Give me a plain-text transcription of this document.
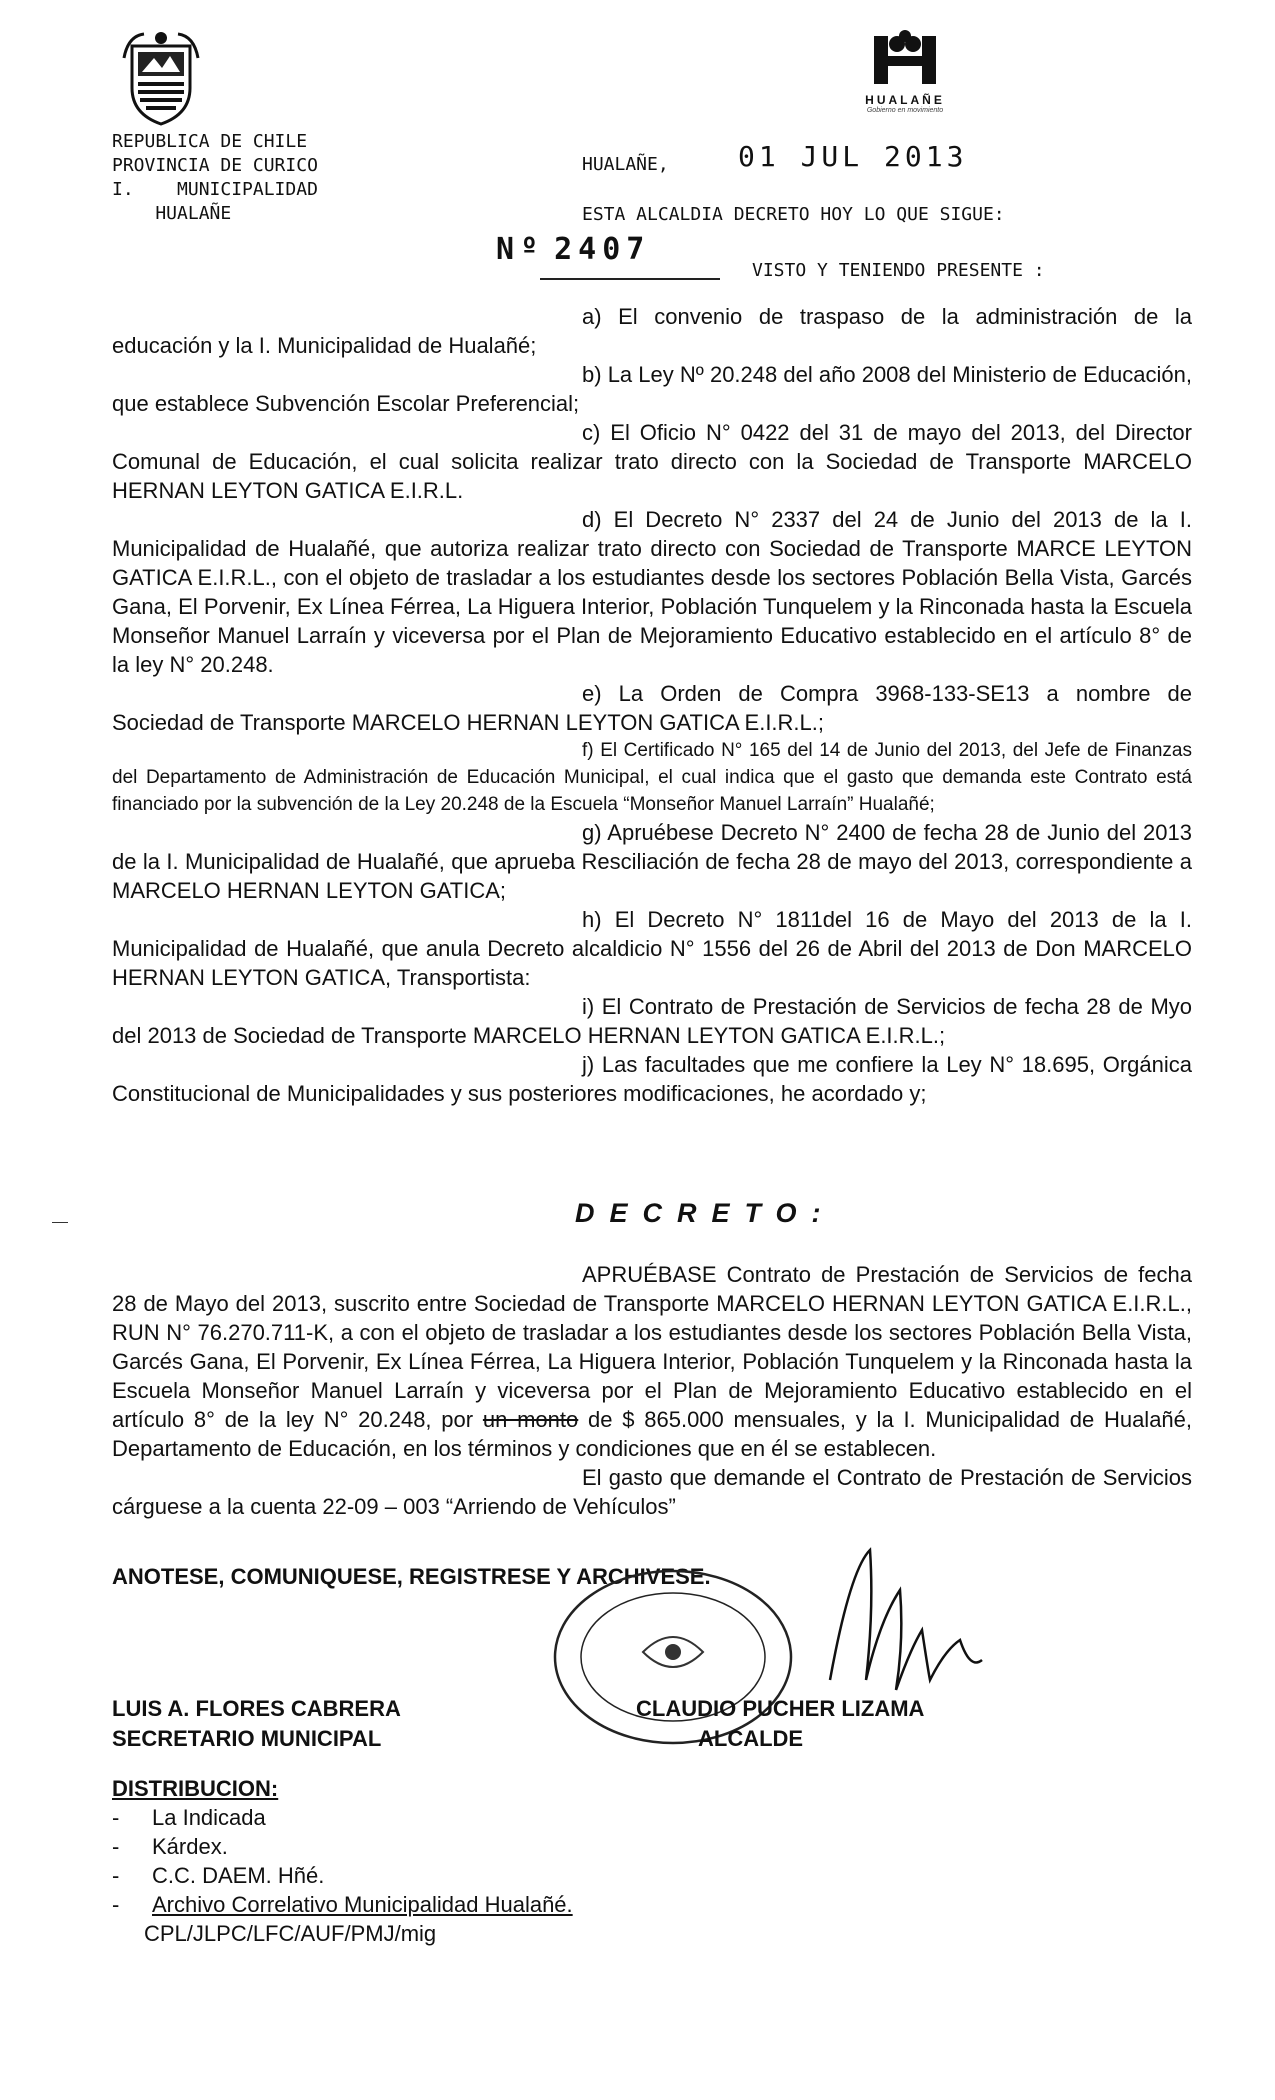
HUALAÑE
Gobierno en movimiento
REPUBLICA DE CHILE
PROVINCIA DE CURICO
I.    MUNICIPALIDAD
HUALAÑE
HUALAÑE, 01 JUL 2013
ESTA ALCALDIA DECRETO HOY LO QUE SIGUE:
Nº 2407
VISTO Y TENIENDO PRESENTE :

a) El convenio de traspaso de la administración de la educación y la I. Municipalidad de Hualañé;

b) La Ley Nº 20.248 del año 2008 del Ministerio de Educación, que establece Subvención Escolar Preferencial;

c) El Oficio N° 0422 del 31 de mayo del 2013, del Director Comunal de Educación, el cual solicita realizar trato directo con la Sociedad de Transporte MARCELO HERNAN LEYTON GATICA E.I.R.L.

d) El Decreto N° 2337 del 24 de Junio del 2013 de la I. Municipalidad de Hualañé, que autoriza realizar trato directo con Sociedad de Transporte MARCE LEYTON GATICA E.I.R.L., con el objeto de trasladar a los estudiantes desde los sectores Población Bella Vista, Garcés Gana, El Porvenir, Ex Línea Férrea, La Higuera Interior, Población Tunquelem y la Rinconada hasta la Escuela Monseñor Manuel Larraín y viceversa por el Plan de Mejoramiento Educativo establecido en el artículo 8° de la ley N° 20.248.

e) La Orden de Compra 3968-133-SE13 a nombre de Sociedad de Transporte MARCELO HERNAN LEYTON GATICA E.I.R.L.;

f) El Certificado N° 165 del 14 de Junio del 2013, del Jefe de Finanzas del Departamento de Administración de Educación Municipal, el cual indica que el gasto que demanda este Contrato está financiado por la subvención de la Ley 20.248 de la Escuela “Monseñor Manuel Larraín” Hualañé;

g) Apruébese Decreto N° 2400 de fecha 28 de Junio del 2013 de la I. Municipalidad de Hualañé, que aprueba Resciliación de fecha 28 de mayo del 2013, correspondiente a MARCELO HERNAN LEYTON GATICA;

h) El Decreto N° 1811del 16 de Mayo del 2013 de la I. Municipalidad de Hualañé, que anula Decreto alcaldicio N° 1556 del 26 de Abril del 2013 de Don MARCELO HERNAN LEYTON GATICA, Transportista:

i) El Contrato de Prestación de Servicios de fecha 28 de Myo del 2013 de Sociedad de Transporte MARCELO HERNAN LEYTON GATICA E.I.R.L.;

j) Las facultades que me confiere la Ley N° 18.695, Orgánica Constitucional de Municipalidades y sus posteriores modificaciones, he acordado y;

DECRETO:

APRUÉBASE Contrato de Prestación de Servicios de fecha 28 de Mayo del 2013, suscrito entre Sociedad de Transporte MARCELO HERNAN LEYTON GATICA E.I.R.L., RUN N° 76.270.711-K, a con el objeto de trasladar a los estudiantes desde los sectores Población Bella Vista, Garcés Gana, El Porvenir, Ex Línea Férrea, La Higuera Interior, Población Tunquelem y la Rinconada hasta la Escuela Monseñor Manuel Larraín y viceversa por el Plan de Mejoramiento Educativo establecido en el artículo 8° de la ley N° 20.248, por un monto de $ 865.000 mensuales, y la I. Municipalidad de Hualañé, Departamento de Educación, en los términos y condiciones que en él se establecen.

El gasto que demande el Contrato de Prestación de Servicios cárguese a la cuenta 22-09 – 003 “Arriendo de Vehículos”

ANOTESE, COMUNIQUESE, REGISTRESE Y ARCHIVESE.
LUIS A. FLORES CABRERA
SECRETARIO MUNICIPAL
CLAUDIO PUCHER LIZAMA
ALCALDE
DISTRIBUCION:
- La Indicada
- Kárdex.
- C.C. DAEM. Hñé.
- Archivo Correlativo Municipalidad Hualañé.
CPL/JLPC/LFC/AUF/PMJ/mig
